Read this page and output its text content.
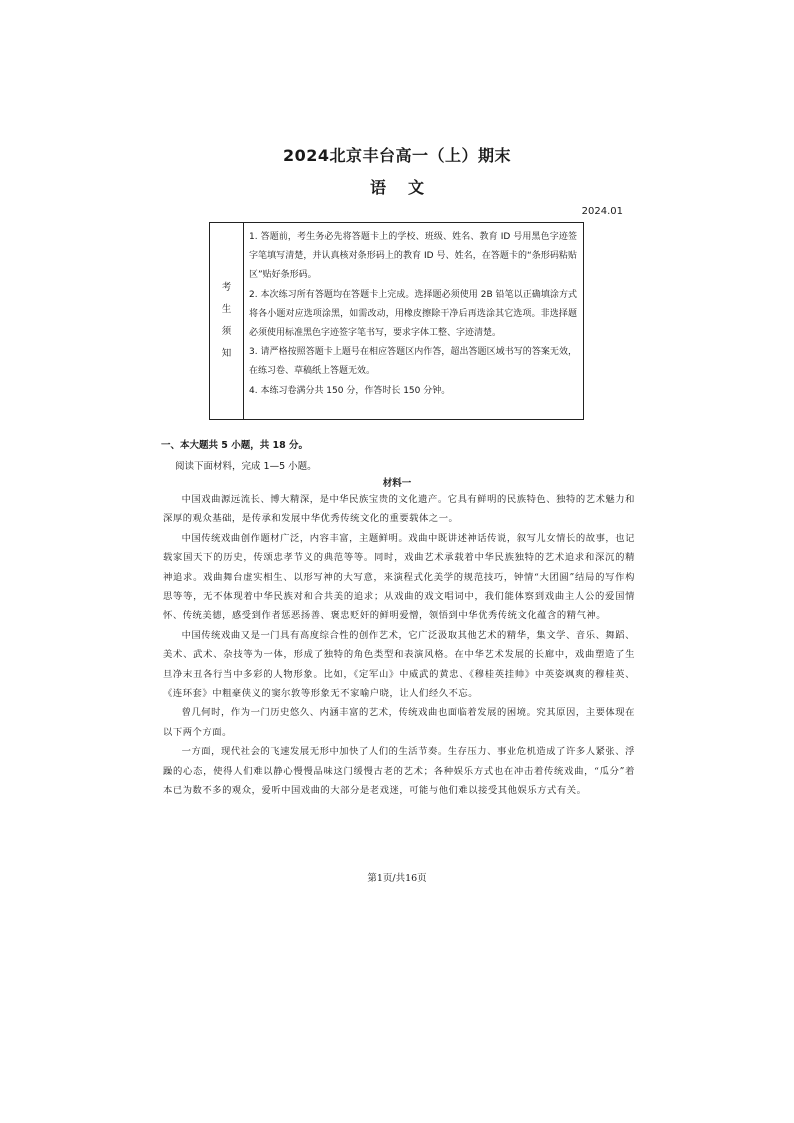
2024北京丰台高一（上）期末
语文
2024.01
考
生
须
知

1. 答题前，考生务必先将答题卡上的学校、班级、姓名、教育 ID 号用黑色字迹签字笔填写清楚，并认真核对条形码上的教育 ID 号、姓名，在答题卡的“条形码粘贴区”贴好条形码。

2. 本次练习所有答题均在答题卡上完成。选择题必须使用 2B 铅笔以正确填涂方式将各小题对应选项涂黑，如需改动，用橡皮擦除干净后再选涂其它选项。非选择题必须使用标准黑色字迹签字笔书写，要求字体工整、字迹清楚。

3. 请严格按照答题卡上题号在相应答题区内作答，超出答题区域书写的答案无效，在练习卷、草稿纸上答题无效。

4. 本练习卷满分共 150 分，作答时长 150 分钟。

一、本大题共 5 小题，共 18 分。
阅读下面材料，完成 1—5 小题。
材料一

中国戏曲源远流长、博大精深，是中华民族宝贵的文化遗产。它具有鲜明的民族特色、独特的艺术魅力和深厚的观众基础，是传承和发展中华优秀传统文化的重要载体之一。

中国传统戏曲创作题材广泛，内容丰富，主题鲜明。戏曲中既讲述神话传说，叙写儿女情长的故事，也记载家国天下的历史，传颂忠孝节义的典范等等。同时，戏曲艺术承载着中华民族独特的艺术追求和深沉的精神追求。戏曲舞台虚实相生、以形写神的大写意，来演程式化美学的规范技巧，钟情“大团圆”结局的写作构思等等，无不体现着中华民族对和合共美的追求；从戏曲的戏文唱词中，我们能体察到戏曲主人公的爱国情怀、传统美德，感受到作者惩恶扬善、褒忠贬奸的鲜明爱憎，领悟到中华优秀传统文化蕴含的精气神。

中国传统戏曲又是一门具有高度综合性的创作艺术，它广泛汲取其他艺术的精华，集文学、音乐、舞蹈、美术、武术、杂技等为一体，形成了独特的角色类型和表演风格。在中华艺术发展的长廊中，戏曲塑造了生旦净末丑各行当中多彩的人物形象。比如，《定军山》中威武的黄忠、《穆桂英挂帅》中英姿飒爽的穆桂英、《连环套》中粗豪侠义的窦尔敦等形象无不家喻户晓，让人们经久不忘。

曾几何时，作为一门历史悠久、内涵丰富的艺术，传统戏曲也面临着发展的困境。究其原因，主要体现在以下两个方面。

一方面，现代社会的飞速发展无形中加快了人们的生活节奏。生存压力、事业危机造成了许多人紧张、浮躁的心态，使得人们难以静心慢慢品味这门缓慢古老的艺术；各种娱乐方式也在冲击着传统戏曲，“瓜分”着本已为数不多的观众，爱听中国戏曲的大部分是老戏迷，可能与他们难以接受其他娱乐方式有关。

第1页/共16页
